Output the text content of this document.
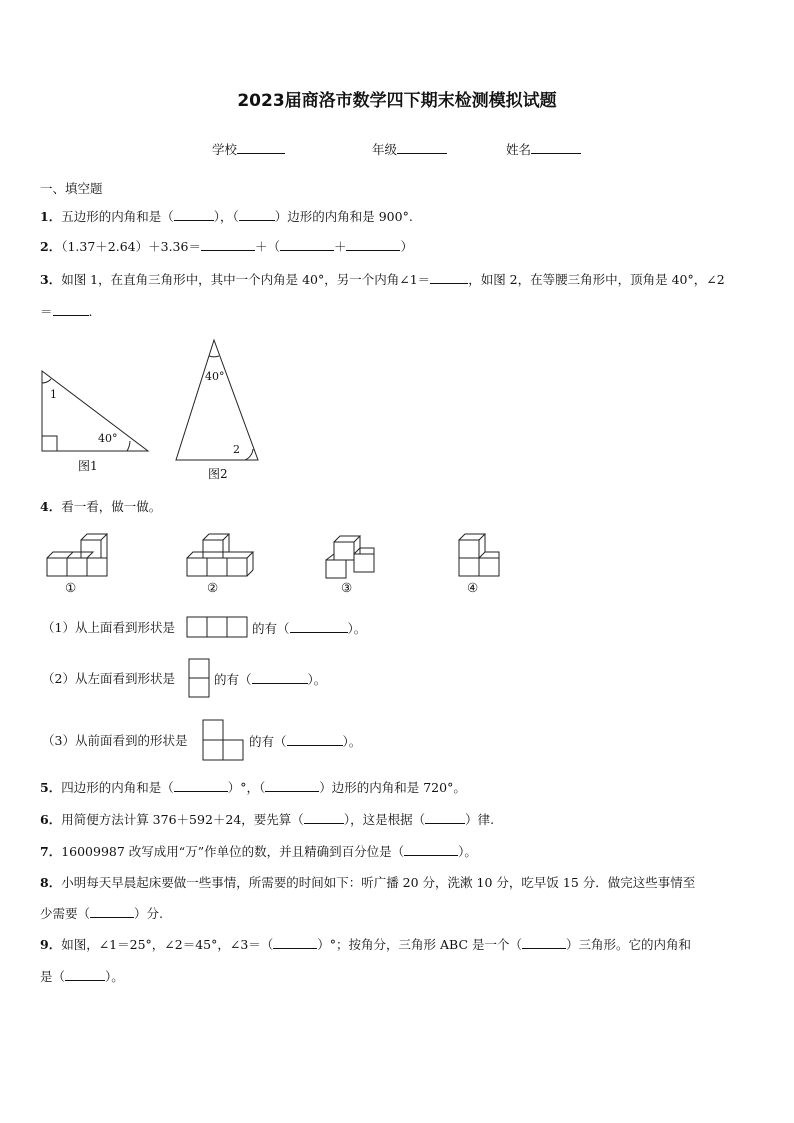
2023届商洛市数学四下期末检测模拟试题
学校	年级	姓名
一、填空题
1．五边形的内角和是（	），（	）边形的内角和是 900°.
2．（1.37＋2.64）＋3.36＝	＋（	＋	）
3．如图 1，在直角三角形中，其中一个内角是 40°，另一个内角∠1＝	，如图 2，在等腰三角形中，顶角是 40°，∠2
＝	.
1
40°
图1
40°
2
图2
4．看一看，做一做。
①	②	③	④
（1）从上面看到形状是	的有（	）。
（2）从左面看到形状是	的有（	）。
（3）从前面看到的形状是	的有（	）。
5．四边形的内角和是（	）°，（	）边形的内角和是 720°。
6．用简便方法计算 376＋592＋24，要先算（	），这是根据（	）律.
7．16009987 改写成用“万”作单位的数，并且精确到百分位是（	）。
8．小明每天早晨起床要做一些事情，所需要的时间如下：听广播 20 分，洗漱 10 分，吃早饭 15 分．做完这些事情至
少需要（	）分.
9．如图，∠1＝25°，∠2＝45°，∠3＝（	）°；按角分，三角形 ABC 是一个（	）三角形。它的内角和
是（	）。
